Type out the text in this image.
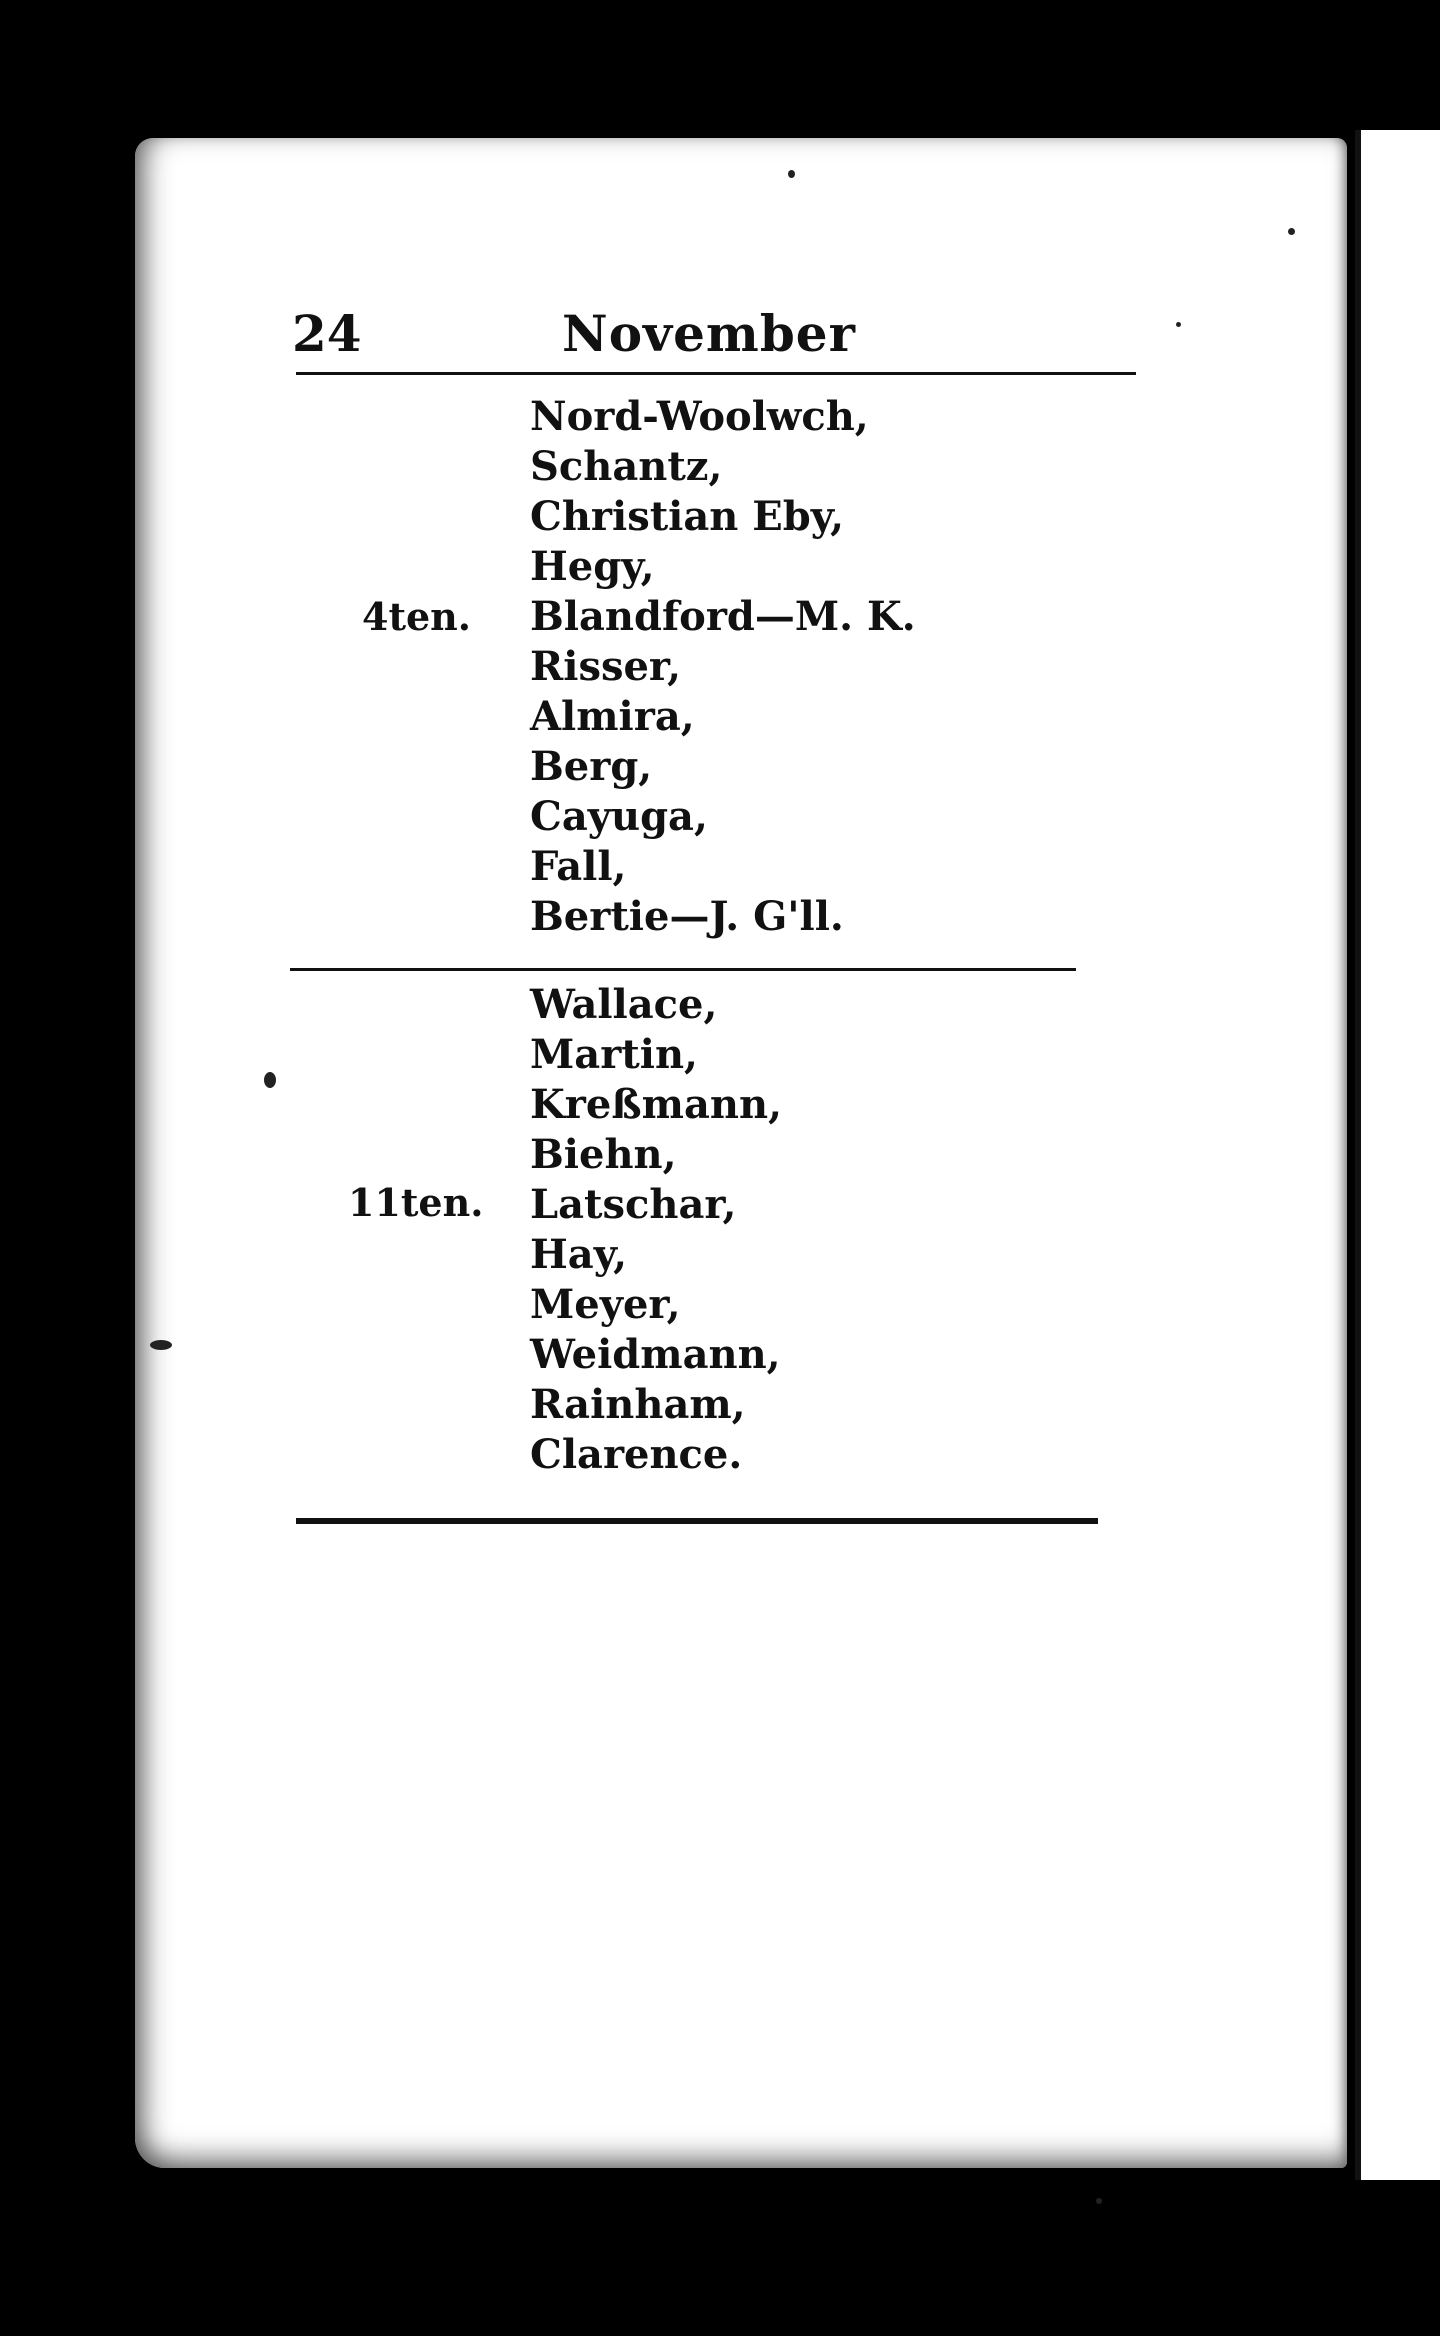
24	November
4ten.
Nord-Woolwch,
Schantz,
Christian Eby,
Hegy,
Blandford—M. K.
Risser,
Almira,
Berg,
Cayuga,
Fall,
Bertie—J. G'll.
11ten.
Wallace,
Martin,
Kreßmann,
Biehn,
Latschar,
Hay,
Meyer,
Weidmann,
Rainham,
Clarence.
